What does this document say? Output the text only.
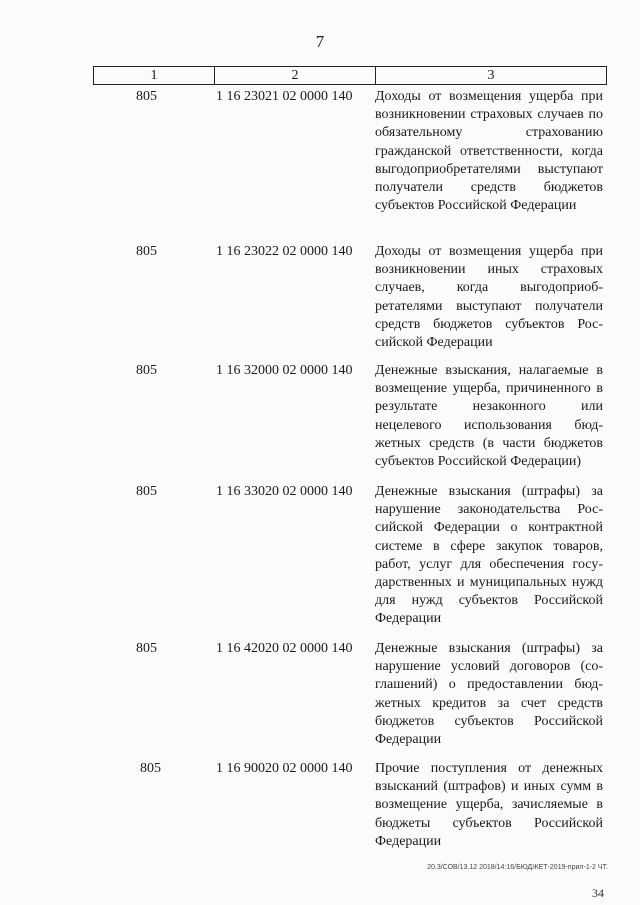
7
1	2	3
805	1 16 23021 02 0000 140 Доходы от возмещения ущерба при возникновении страховых случаев по обязательному страхованию гражданской ответственности, когда выгодоприобретателями выступают получатели средств бюджетов субъектов Российской Федерации
805	1 16 23022 02 0000 140 Доходы от возмещения ущерба при возникновении иных страховых случаев, когда выгодоприобретателями выступают получатели средств бюджетов субъектов Российской Федерации
805	1 16 32000 02 0000 140 Денежные взыскания, налагаемые в возмещение ущерба, причиненного в результате незаконного или нецелевого использования бюджетных средств (в части бюджетов субъектов Российской Федерации)
805	1 16 33020 02 0000 140 Денежные взыскания (штрафы) за нарушение законодательства Российской Федерации о контрактной системе в сфере закупок товаров, работ, услуг для обеспечения государственных и муниципальных нужд для нужд субъектов Российской Федерации
805	1 16 42020 02 0000 140 Денежные взыскания (штрафы) за нарушение условий договоров (соглашений) о предоставлении бюджетных кредитов за счет средств бюджетов субъектов Российской Федерации
805	1 16 90020 02 0000 140 Прочие поступления от денежных взысканий (штрафов) и иных сумм в возмещение ущерба, зачисляемые в бюджеты субъектов Российской Федерации
20.3/СОВ/13.12 2018/14:16/БЮДЖЕТ-2019-прил-1-2 ЧТ.
34
